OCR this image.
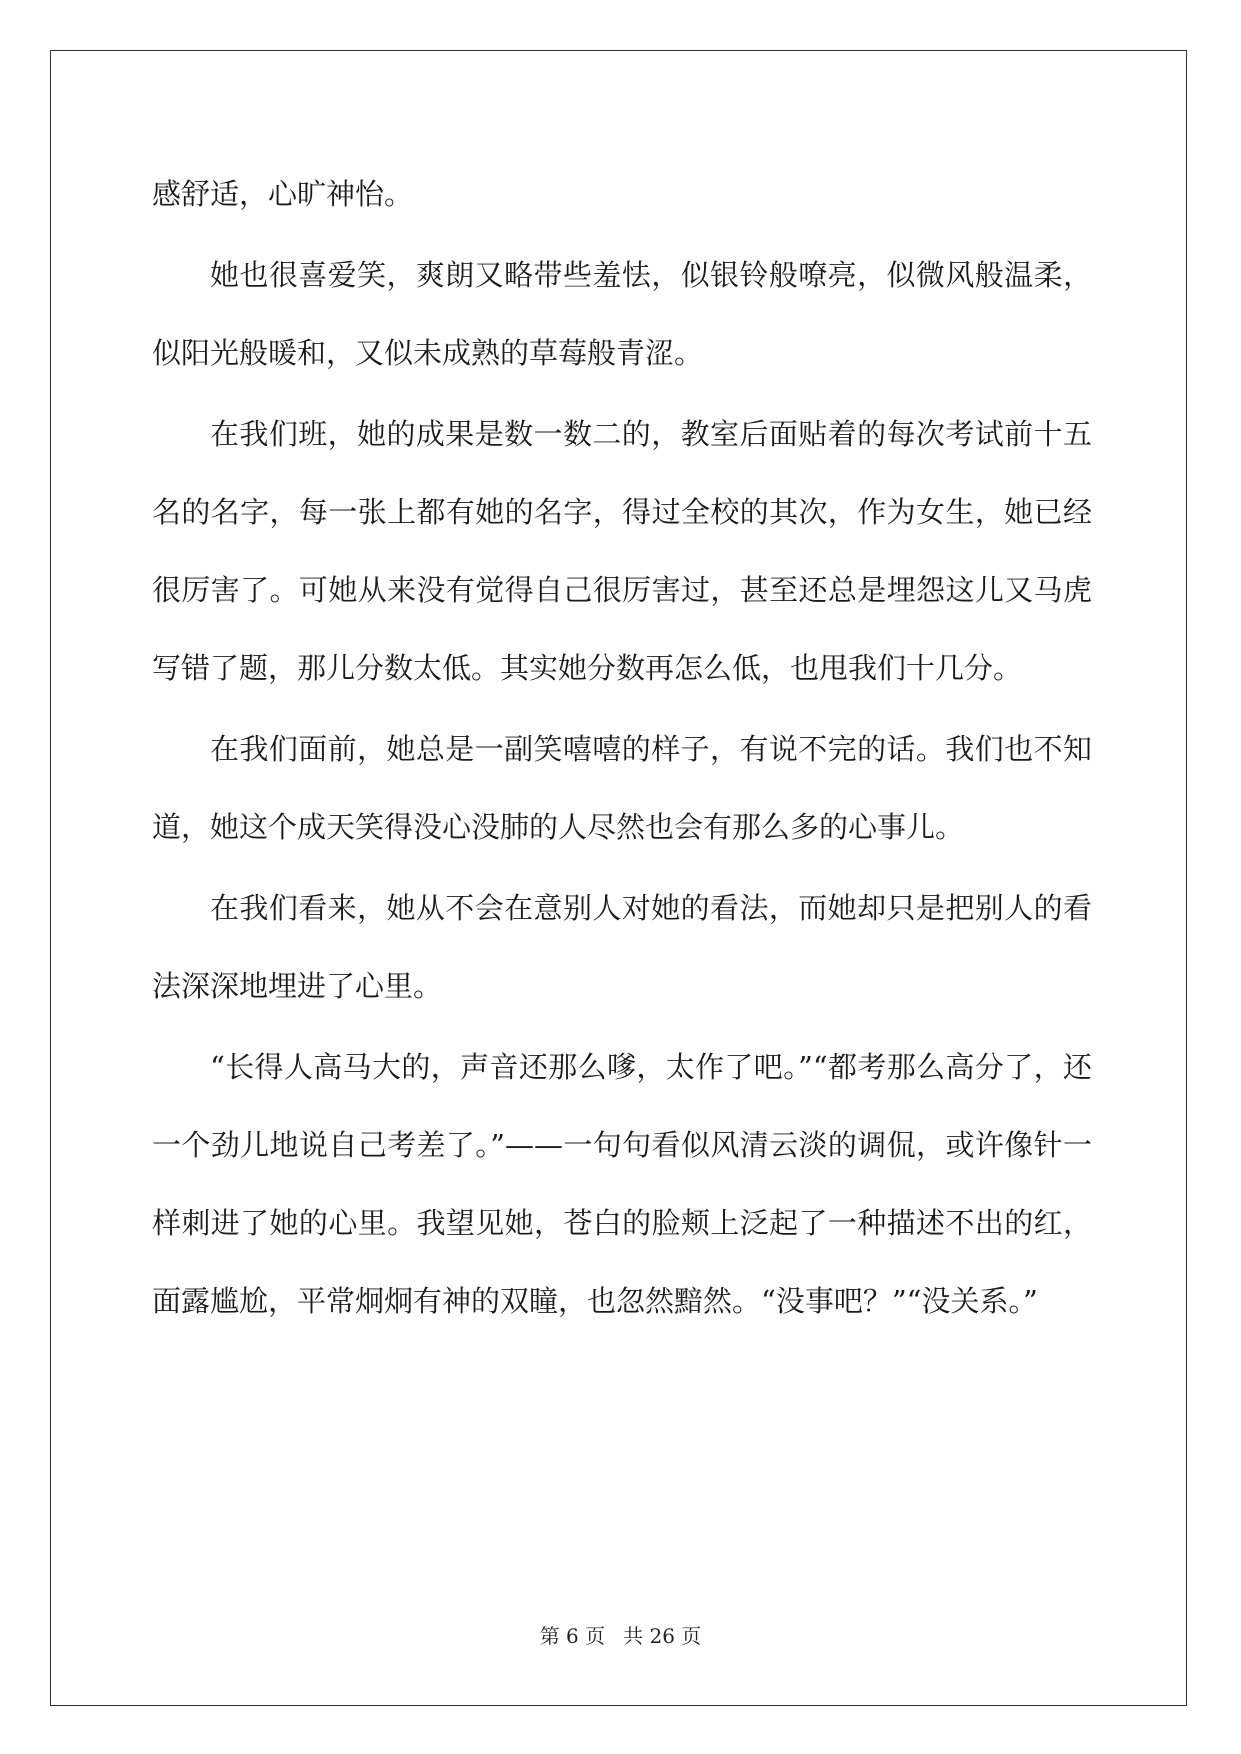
感舒适，心旷神怡。

她也很喜爱笑，爽朗又略带些羞怯，似银铃般嘹亮，似微风般温柔，似阳光般暖和，又似未成熟的草莓般青涩。

在我们班，她的成果是数一数二的，教室后面贴着的每次考试前十五名的名字，每一张上都有她的名字，得过全校的其次，作为女生，她已经很厉害了。可她从来没有觉得自己很厉害过，甚至还总是埋怨这儿又马虎写错了题，那儿分数太低。其实她分数再怎么低，也甩我们十几分。

在我们面前，她总是一副笑嘻嘻的样子，有说不完的话。我们也不知道，她这个成天笑得没心没肺的人尽然也会有那么多的心事儿。

在我们看来，她从不会在意别人对她的看法，而她却只是把别人的看法深深地埋进了心里。

“长得人高马大的，声音还那么嗲，太作了吧。”“都考那么高分了，还一个劲儿地说自己考差了。”——一句句看似风清云淡的调侃，或许像针一样刺进了她的心里。我望见她，苍白的脸颊上泛起了一种描述不出的红，面露尴尬，平常炯炯有神的双瞳，也忽然黯然。“没事吧？”“没关系。”

第 6 页 共 26 页
